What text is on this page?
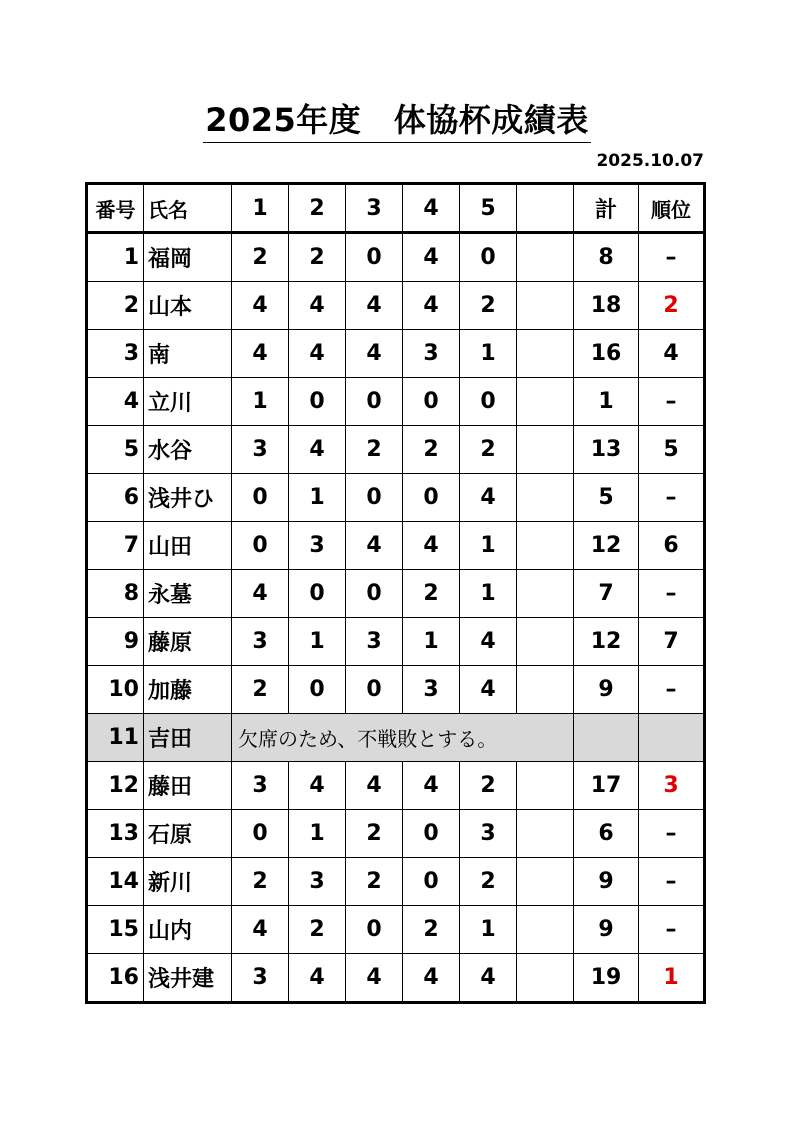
2025年度　体協杯成績表
2025.10.07
番号	氏名	1	2	3	4	5		計	順位
1	福岡	2	2	0	4	0		8	–
2	山本	4	4	4	4	2		18	2
3	南	4	4	4	3	1		16	4
4	立川	1	0	0	0	0		1	–
5	水谷	3	4	2	2	2		13	5
6	浅井ひ	0	1	0	0	4		5	–
7	山田	0	3	4	4	1		12	6
8	永墓	4	0	0	2	1		7	–
9	藤原	3	1	3	1	4		12	7
10	加藤	2	0	0	3	4		9	–
11	吉田	欠席のため、不戦敗とする。							
12	藤田	3	4	4	4	2		17	3
13	石原	0	1	2	0	3		6	–
14	新川	2	3	2	0	2		9	–
15	山内	4	2	0	2	1		9	–
16	浅井建	3	4	4	4	4		19	1
